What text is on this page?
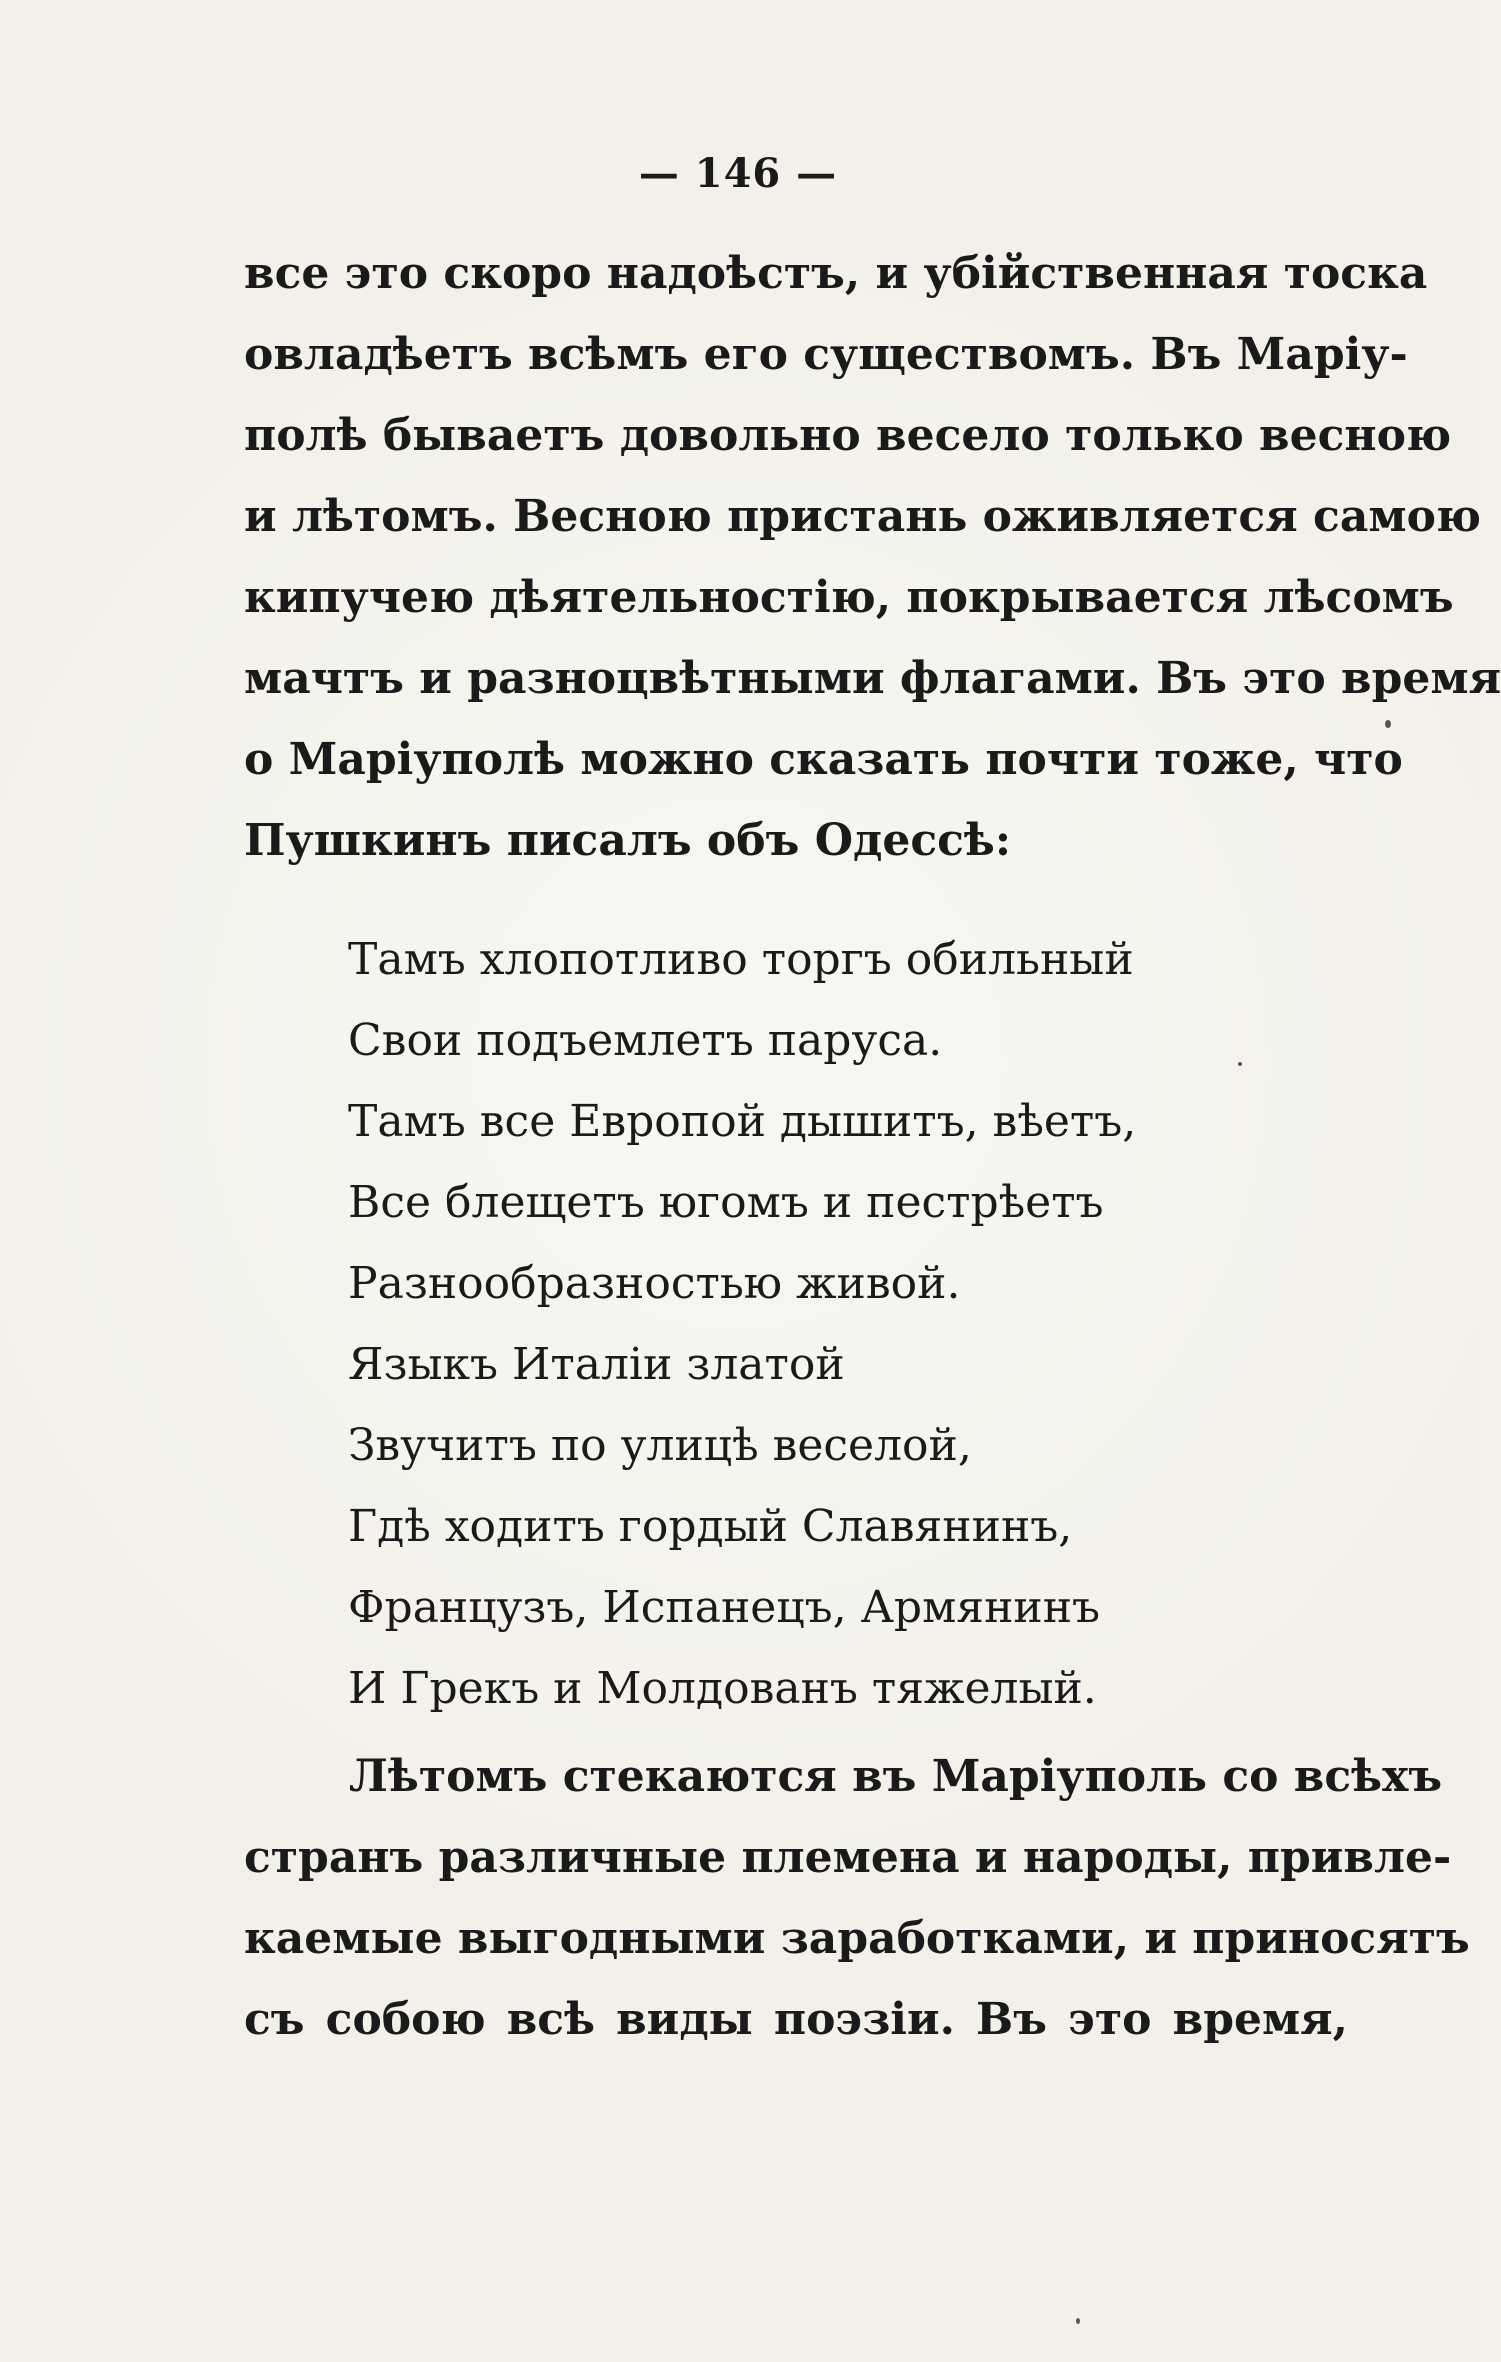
— 146 —
все это скоро надоѣстъ, и убійственная тоска
овладѣетъ всѣмъ его существомъ. Въ Маріу-
полѣ бываетъ довольно весело только весною
и лѣтомъ. Весною пристань оживляется самою
кипучею дѣятельностію, покрывается лѣсомъ
мачтъ и разноцвѣтными флагами. Въ это время
о Маріуполѣ можно сказать почти тоже, что
Пушкинъ писалъ объ Одессѣ:
Тамъ хлопотливо торгъ обильный
Свои подъемлетъ паруса.
Тамъ все Европой дышитъ, вѣетъ,
Все блещетъ югомъ и пестрѣетъ
Разнообразностью живой.
Языкъ Италіи златой
Звучитъ по улицѣ веселой,
Гдѣ ходитъ гордый Славянинъ,
Французъ, Испанецъ, Армянинъ
И Грекъ и Молдованъ тяжелый.
Лѣтомъ стекаются въ Маріуполь со всѣхъ
странъ различные племена и народы, привле-
каемые выгодными заработками, и приносятъ
съ собою всѣ виды поэзіи. Въ это время,
